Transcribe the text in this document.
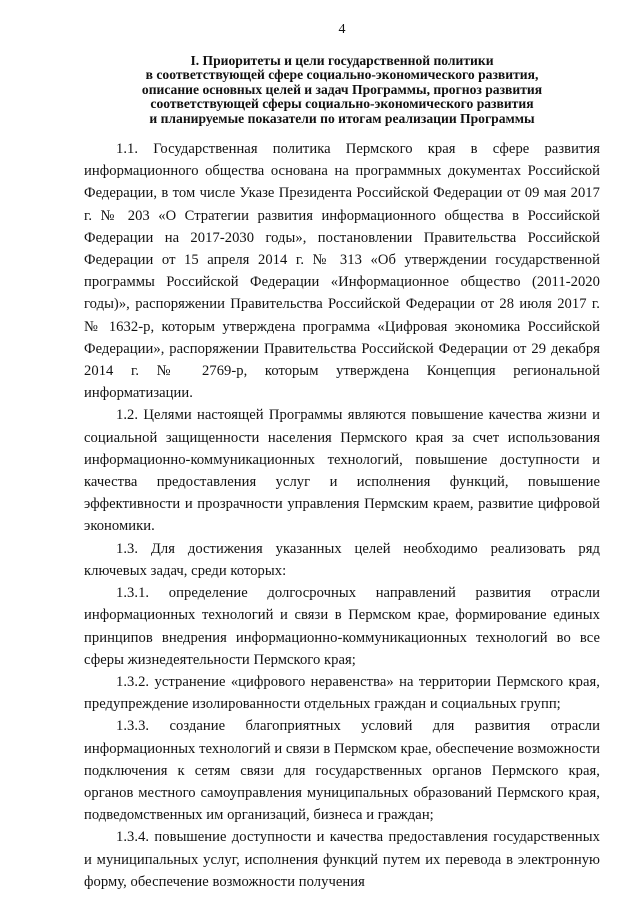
4
I. Приоритеты и цели государственной политики
в соответствующей сфере социально-экономического развития,
описание основных целей и задач Программы, прогноз развития
соответствующей сферы социально-экономического развития
и планируемые показатели по итогам реализации Программы

1.1. Государственная политика Пермского края в сфере развития информационного общества основана на программных документах Российской Федерации, в том числе Указе Президента Российской Федерации от 09 мая 2017 г. № 203 «О Стратегии развития информационного общества в Российской Федерации на 2017-2030 годы», постановлении Правительства Российской Федерации от 15 апреля 2014 г. № 313 «Об утверждении государственной программы Российской Федерации «Информационное общество (2011-2020 годы)», распоряжении Правительства Российской Федерации от 28 июля 2017 г. № 1632-р, которым утверждена программа «Цифровая экономика Российской Федерации», распоряжении Правительства Российской Федерации от 29 декабря 2014 г. № 2769-р, которым утверждена Концепция региональной информатизации.

1.2. Целями настоящей Программы являются повышение качества жизни и социальной защищенности населения Пермского края за счет использования информационно-коммуникационных технологий, повышение доступности и качества предоставления услуг и исполнения функций, повышение эффективности и прозрачности управления Пермским краем, развитие цифровой экономики.

1.3. Для достижения указанных целей необходимо реализовать ряд ключевых задач, среди которых:

1.3.1. определение долгосрочных направлений развития отрасли информационных технологий и связи в Пермском крае, формирование единых принципов внедрения информационно-коммуникационных технологий во все сферы жизнедеятельности Пермского края;

1.3.2. устранение «цифрового неравенства» на территории Пермского края, предупреждение изолированности отдельных граждан и социальных групп;

1.3.3. создание благоприятных условий для развития отрасли информационных технологий и связи в Пермском крае, обеспечение возможности подключения к сетям связи для государственных органов Пермского края, органов местного самоуправления муниципальных образований Пермского края, подведомственных им организаций, бизнеса и граждан;

1.3.4. повышение доступности и качества предоставления государственных и муниципальных услуг, исполнения функций путем их перевода в электронную форму, обеспечение возможности получения
